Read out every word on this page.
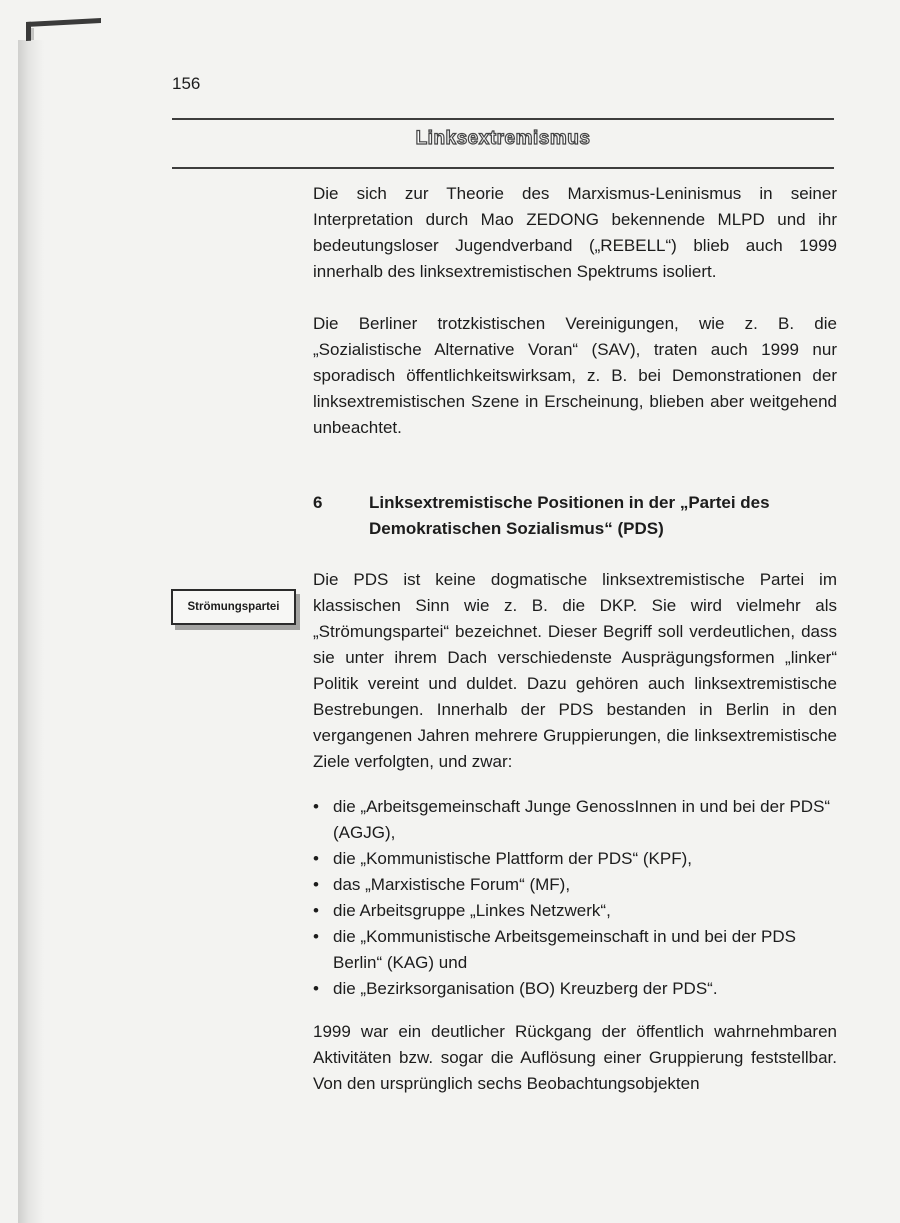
156
Linksextremismus
Die sich zur Theorie des Marxismus-Leninismus in seiner Interpretation durch Mao ZEDONG bekennende MLPD und ihr bedeutungsloser Jugendverband („REBELL“) blieb auch 1999 innerhalb des linksextremistischen Spektrums isoliert.
Die Berliner trotzkistischen Vereinigungen, wie z. B. die „Sozialistische Alternative Voran“ (SAV), traten auch 1999 nur sporadisch öffentlichkeitswirksam, z. B. bei Demonstrationen der linksextremistischen Szene in Erscheinung, blieben aber weitgehend unbeachtet.
6	Linksextremistische Positionen in der „Partei des Demokratischen Sozialismus“ (PDS)
Strömungspartei
Die PDS ist keine dogmatische linksextremistische Partei im klassischen Sinn wie z. B. die DKP. Sie wird vielmehr als „Strömungspartei“ bezeichnet. Dieser Begriff soll verdeutlichen, dass sie unter ihrem Dach verschiedenste Ausprägungsformen „linker“ Politik vereint und duldet. Dazu gehören auch linksextremistische Bestrebungen. Innerhalb der PDS bestanden in Berlin in den vergangenen Jahren mehrere Gruppierungen, die linksextremistische Ziele verfolgten, und zwar:
• die „Arbeitsgemeinschaft Junge GenossInnen in und bei der PDS“ (AGJG),
• die „Kommunistische Plattform der PDS“ (KPF),
• das „Marxistische Forum“ (MF),
• die Arbeitsgruppe „Linkes Netzwerk“,
• die „Kommunistische Arbeitsgemeinschaft in und bei der PDS Berlin“ (KAG) und
• die „Bezirksorganisation (BO) Kreuzberg der PDS“.
1999 war ein deutlicher Rückgang der öffentlich wahrnehmbaren Aktivitäten bzw. sogar die Auflösung einer Gruppierung feststellbar. Von den ursprünglich sechs Beobachtungsobjekten
